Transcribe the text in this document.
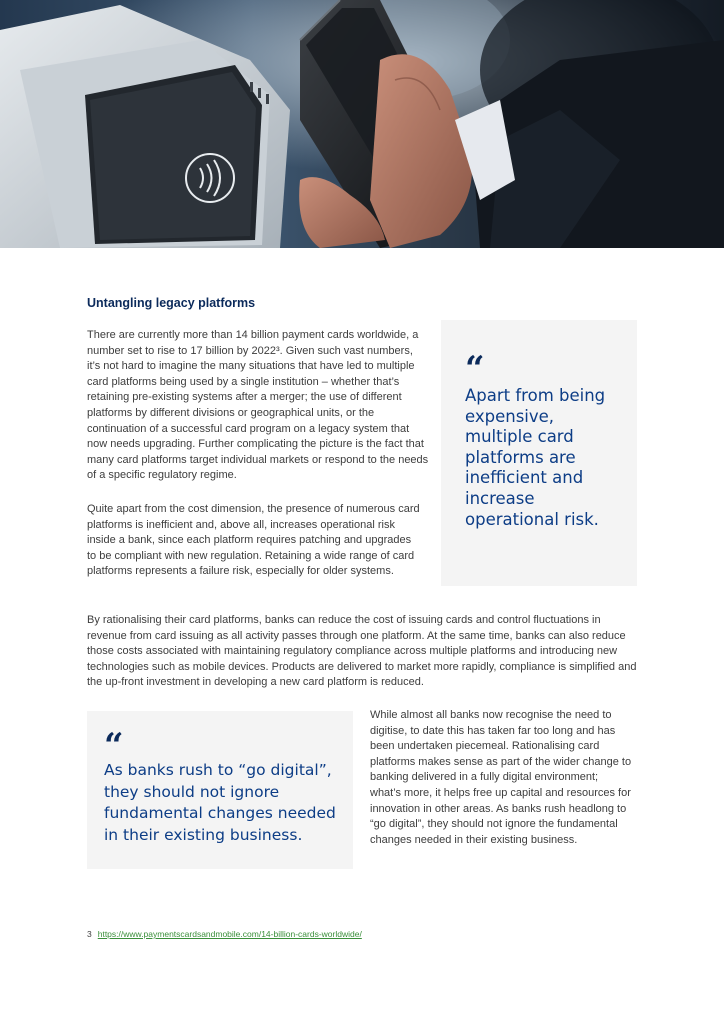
Untangling legacy platforms

There are currently more than 14 billion payment cards worldwide, a number set to rise to 17 billion by 2022³. Given such vast numbers, it’s not hard to imagine the many situations that have led to multiple card platforms being used by a single institution – whether that’s retaining pre-existing systems after a merger; the use of different platforms by different divisions or geographical units, or the continuation of a successful card program on a legacy system that now needs upgrading. Further complicating the picture is the fact that many card platforms target individual markets or respond to the needs of a specific regulatory regime.

Quite apart from the cost dimension, the presence of numerous card platforms is inefficient and, above all, increases operational risk inside a bank, since each platform requires patching and upgrades to be compliant with new regulation. Retaining a wide range of card platforms represents a failure risk, especially for older systems.

“

Apart from being expensive, multiple card platforms are inefficient and increase operational risk.

By rationalising their card platforms, banks can reduce the cost of issuing cards and control fluctuations in revenue from card issuing as all activity passes through one platform. At the same time, banks can also reduce those costs associated with maintaining regulatory compliance across multiple platforms and introducing new technologies such as mobile devices. Products are delivered to market more rapidly, compliance is simplified and the up-front investment in developing a new card platform is reduced.

“

As banks rush to “go digital”, they should not ignore fundamental changes needed in their existing business.

While almost all banks now recognise the need to digitise, to date this has taken far too long and has been undertaken piecemeal. Rationalising card platforms makes sense as part of the wider change to banking delivered in a fully digital environment; what’s more, it helps free up capital and resources for innovation in other areas. As banks rush headlong to “go digital”, they should not ignore the fundamental changes needed in their existing business.

3 https://www.paymentscardsandmobile.com/14-billion-cards-worldwide/
